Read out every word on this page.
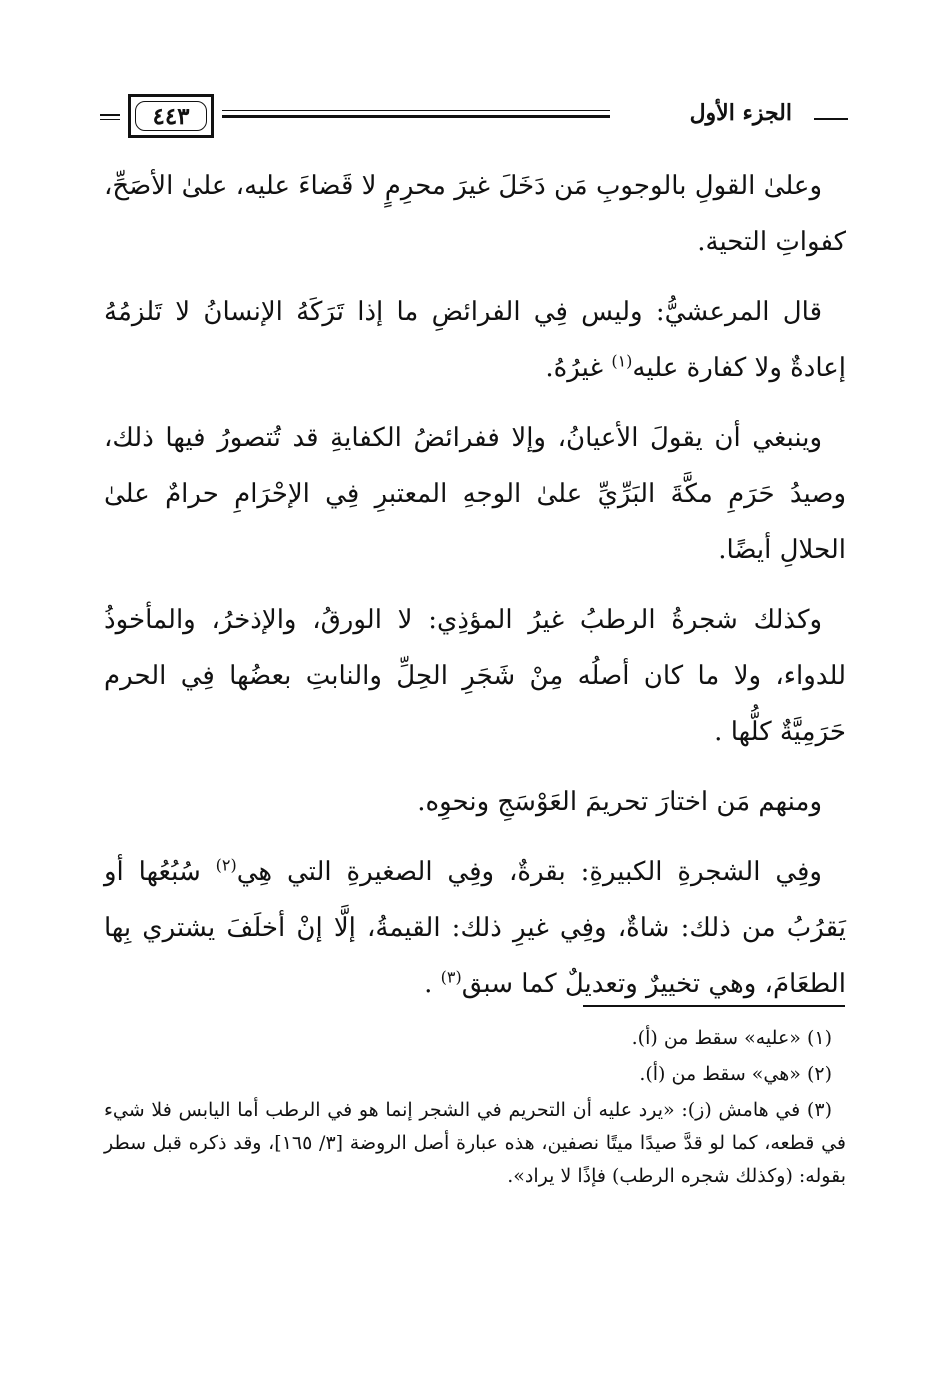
٤٤٣	الجزء الأول

وعلىٰ القولِ بالوجوبِ مَن دَخَلَ غيرَ محرِمٍ لا قَضاءَ عليه، علىٰ الأصَحِّ، كفواتِ التحية.

قال المرعشيُّ: وليس فِي الفرائضِ ما إذا تَرَكَهُ الإنسانُ لا تَلزمُهُ إعادةٌ ولا كفارة عليه$^{(١)}$ غيرُهُ.

وينبغي أن يقولَ الأعيانُ، وإلا ففرائضُ الكفايةِ قد تُتصورُ فيها ذلك، وصيدُ حَرَمِ مكَّةَ البَرِّيِّ علىٰ الوجهِ المعتبرِ فِي الإحْرَامِ حرامٌ علىٰ الحلالِ أيضًا.

وكذلك شجرةُ الرطبُ غيرُ المؤذِي: لا الورقُ، والإذخرُ، والمأخوذُ للدواء، ولا ما كان أصلُه مِنْ شَجَرِ الحِلِّ والنابتِ بعضُها فِي الحرم حَرَمِيَّةٌ كلُّها .

ومنهم مَن اختارَ تحريمَ العَوْسَجِ ونحوِه.

وفِي الشجرةِ الكبيرةِ: بقرةٌ، وفِي الصغيرةِ التي هِي$^{(٢)}$ سُبُعُها أو يَقرُبُ من ذلك: شاةٌ، وفِي غيرِ ذلك: القيمةُ، إلَّا إنْ أخلَفَ يشتري بِها الطعَامَ، وهي تخييرٌ وتعديلٌ كما سبق$^{(٣)}$ .

(١) «عليه» سقط من (أ).

(٢) «هي» سقط من (أ).

(٣) في هامش (ز): «يرد عليه أن التحريم في الشجر إنما هو في الرطب أما اليابس فلا شيء في قطعه، كما لو قدَّ صيدًا ميتًا نصفين، هذه عبارة أصل الروضة [٣/ ١٦٥]، وقد ذكره قبل سطر بقوله: (وكذلك شجره الرطب) فإذًا لا يراد».
